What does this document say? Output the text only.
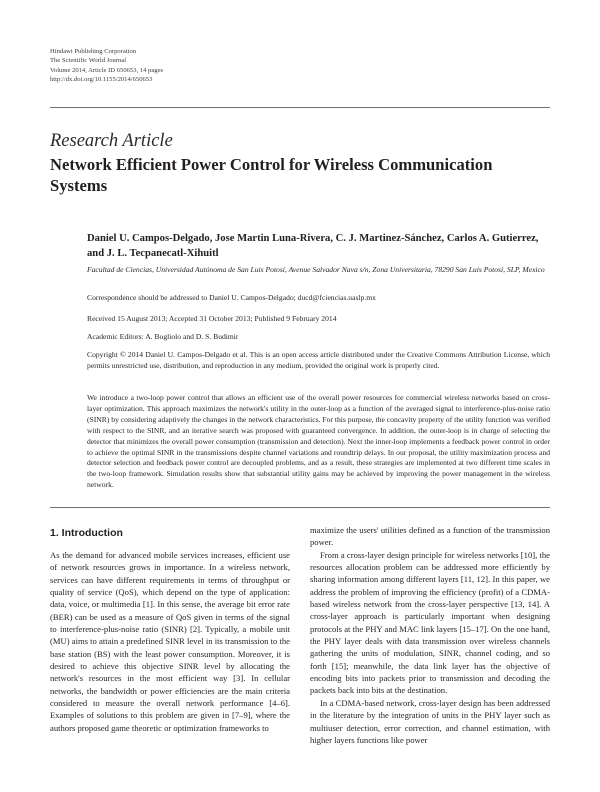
Hindawi Publishing Corporation
The Scientific World Journal
Volume 2014, Article ID 650653, 14 pages
http://dx.doi.org/10.1155/2014/650653
Research Article
Network Efficient Power Control for Wireless Communication Systems
Daniel U. Campos-Delgado, Jose Martin Luna-Rivera, C. J. Martinez-Sánchez, Carlos A. Gutierrez, and J. L. Tecpanecatl-Xihuitl
Facultad de Ciencias, Universidad Autónoma de San Luis Potosí, Avenue Salvador Nava s/n, Zona Universitaria, 78290 San Luis Potosí, SLP, Mexico
Correspondence should be addressed to Daniel U. Campos-Delgado; ducd@fciencias.uaslp.mx
Received 15 August 2013; Accepted 31 October 2013; Published 9 February 2014
Academic Editors: A. Bogliolo and D. S. Budimir
Copyright © 2014 Daniel U. Campos-Delgado et al. This is an open access article distributed under the Creative Commons Attribution License, which permits unrestricted use, distribution, and reproduction in any medium, provided the original work is properly cited.
We introduce a two-loop power control that allows an efficient use of the overall power resources for commercial wireless networks based on cross-layer optimization. This approach maximizes the network's utility in the outer-loop as a function of the averaged signal to interference-plus-noise ratio (SINR) by considering adaptively the changes in the network characteristics. For this purpose, the concavity property of the utility function was verified with respect to the SINR, and an iterative search was proposed with guaranteed convergence. In addition, the outer-loop is in charge of selecting the detector that minimizes the overall power consumption (transmission and detection). Next the inner-loop implements a feedback power control in order to achieve the optimal SINR in the transmissions despite channel variations and roundtrip delays. In our proposal, the utility maximization process and detector selection and feedback power control are decoupled problems, and as a result, these strategies are implemented at two different time scales in the two-loop framework. Simulation results show that substantial utility gains may be achieved by improving the power management in the wireless network.
1. Introduction

As the demand for advanced mobile services increases, efficient use of network resources grows in importance. In a wireless network, services can have different requirements in terms of throughput or quality of service (QoS), which depend on the type of application: data, voice, or multimedia [1]. In this sense, the average bit error rate (BER) can be used as a measure of QoS given in terms of the signal to interference-plus-noise ratio (SINR) [2]. Typically, a mobile unit (MU) aims to attain a predefined SINR level in its transmission to the base station (BS) with the least power consumption. Moreover, it is desired to achieve this objective SINR level by allocating the network's resources in the most efficient way [3]. In cellular networks, the bandwidth or power efficiencies are the main criteria considered to measure the overall network performance [4–6]. Examples of solutions to this problem are given in [7–9], where the authors proposed game theoretic or optimization frameworks to

maximize the users' utilities defined as a function of the transmission power.

From a cross-layer design principle for wireless networks [10], the resources allocation problem can be addressed more efficiently by sharing information among different layers [11, 12]. In this paper, we address the problem of improving the efficiency (profit) of a CDMA-based wireless network from the cross-layer perspective [13, 14]. A cross-layer approach is particularly important when designing protocols at the PHY and MAC link layers [15–17]. On the one hand, the PHY layer deals with data transmission over wireless channels gathering the units of modulation, SINR, channel coding, and so forth [15]; meanwhile, the data link layer has the objective of encoding bits into packets prior to transmission and decoding the packets back into bits at the destination.

In a CDMA-based network, cross-layer design has been addressed in the literature by the integration of units in the PHY layer such as multiuser detection, error correction, and channel estimation, with higher layers functions like power
